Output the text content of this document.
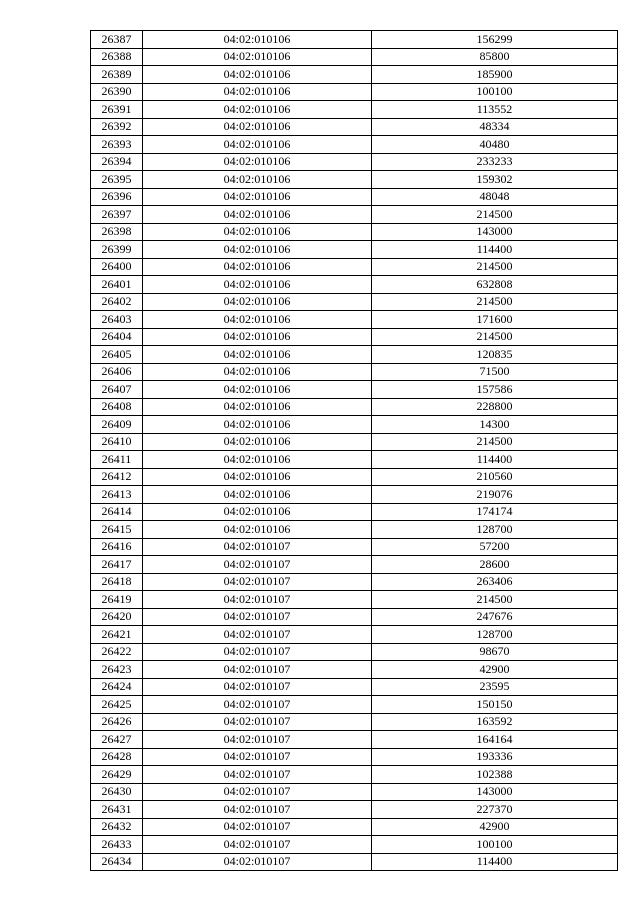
26387	04:02:010106	156299
26388	04:02:010106	85800
26389	04:02:010106	185900
26390	04:02:010106	100100
26391	04:02:010106	113552
26392	04:02:010106	48334
26393	04:02:010106	40480
26394	04:02:010106	233233
26395	04:02:010106	159302
26396	04:02:010106	48048
26397	04:02:010106	214500
26398	04:02:010106	143000
26399	04:02:010106	114400
26400	04:02:010106	214500
26401	04:02:010106	632808
26402	04:02:010106	214500
26403	04:02:010106	171600
26404	04:02:010106	214500
26405	04:02:010106	120835
26406	04:02:010106	71500
26407	04:02:010106	157586
26408	04:02:010106	228800
26409	04:02:010106	14300
26410	04:02:010106	214500
26411	04:02:010106	114400
26412	04:02:010106	210560
26413	04:02:010106	219076
26414	04:02:010106	174174
26415	04:02:010106	128700
26416	04:02:010107	57200
26417	04:02:010107	28600
26418	04:02:010107	263406
26419	04:02:010107	214500
26420	04:02:010107	247676
26421	04:02:010107	128700
26422	04:02:010107	98670
26423	04:02:010107	42900
26424	04:02:010107	23595
26425	04:02:010107	150150
26426	04:02:010107	163592
26427	04:02:010107	164164
26428	04:02:010107	193336
26429	04:02:010107	102388
26430	04:02:010107	143000
26431	04:02:010107	227370
26432	04:02:010107	42900
26433	04:02:010107	100100
26434	04:02:010107	114400
